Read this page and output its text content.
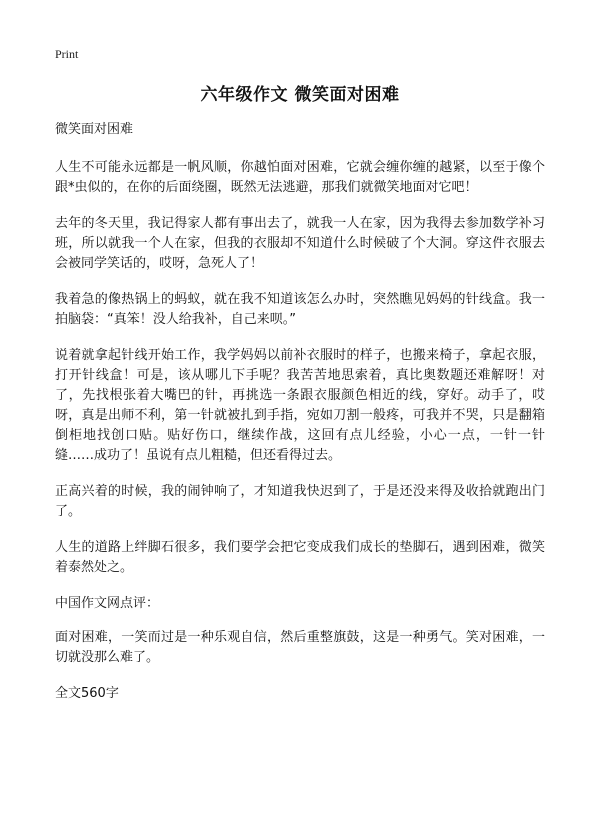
Print
六年级作文 微笑面对困难

微笑面对困难

人生不可能永远都是一帆风顺，你越怕面对困难，它就会缠你缠的越紧，以至于像个跟*虫似的，在你的后面绕圈，既然无法逃避，那我们就微笑地面对它吧！

去年的冬天里，我记得家人都有事出去了，就我一人在家，因为我得去参加数学补习班，所以就我一个人在家，但我的衣服却不知道什么时候破了个大洞。穿这件衣服去会被同学笑话的，哎呀，急死人了！

我着急的像热锅上的蚂蚁，就在我不知道该怎么办时，突然瞧见妈妈的针线盒。我一拍脑袋：“真笨！没人给我补，自己来呗。”

说着就拿起针线开始工作，我学妈妈以前补衣服时的样子，也搬来椅子，拿起衣服，打开针线盒！可是，该从哪儿下手呢？我苦苦地思索着，真比奥数题还难解呀！对了，先找根张着大嘴巴的针，再挑选一条跟衣服颜色相近的线，穿好。动手了，哎呀，真是出师不利，第一针就被扎到手指，宛如刀割一般疼，可我并不哭，只是翻箱倒柜地找创口贴。贴好伤口，继续作战，这回有点儿经验，小心一点，一针一针缝……成功了！虽说有点儿粗糙，但还看得过去。

正高兴着的时候，我的闹钟响了，才知道我快迟到了，于是还没来得及收拾就跑出门了。

人生的道路上绊脚石很多，我们要学会把它变成我们成长的垫脚石，遇到困难，微笑着泰然处之。

中国作文网点评：

面对困难，一笑而过是一种乐观自信，然后重整旗鼓，这是一种勇气。笑对困难，一切就没那么难了。

全文560字
